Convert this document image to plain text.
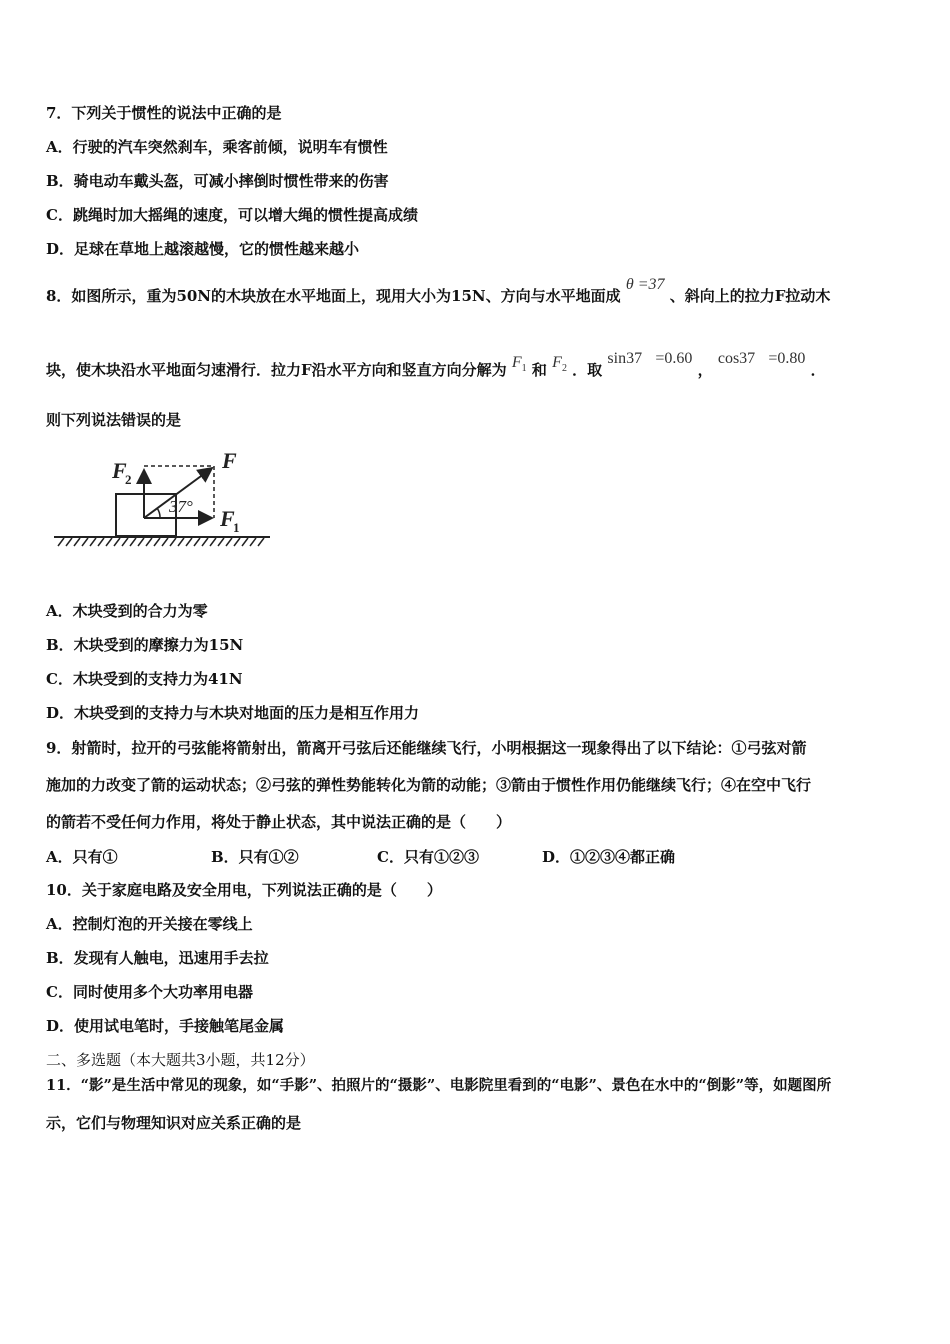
7．下列关于惯性的说法中正确的是
A．行驶的汽车突然刹车，乘客前倾，说明车有惯性
B．骑电动车戴头盔，可减小摔倒时惯性带来的伤害
C．跳绳时加大摇绳的速度，可以增大绳的惯性提高成绩
D．足球在草地上越滚越慢，它的惯性越来越小
8．如图所示，重为50N的木块放在水平地面上，现用大小为15N、方向与水平地面成 θ =37 、斜向上的拉力F拉动木
块，使木块沿水平地面匀速滑行．拉力F沿水平方向和竖直方向分解为 $F_1$ 和 $F_2$ ．取 sin37 =0.60 ， cos37 =0.80 ．
则下列说法错误的是
F
F
2
F
1
37°
A．木块受到的合力为零
B．木块受到的摩擦力为15N
C．木块受到的支持力为41N
D．木块受到的支持力与木块对地面的压力是相互作用力
9．射箭时，拉开的弓弦能将箭射出，箭离开弓弦后还能继续飞行，小明根据这一现象得出了以下结论：①弓弦对箭
施加的力改变了箭的运动状态；②弓弦的弹性势能转化为箭的动能；③箭由于惯性作用仍能继续飞行；④在空中飞行
的箭若不受任何力作用，将处于静止状态，其中说法正确的是（　　）
A．只有①	B．只有①②	C．只有①②③	D．①②③④都正确
10．关于家庭电路及安全用电，下列说法正确的是（　　）
A．控制灯泡的开关接在零线上
B．发现有人触电，迅速用手去拉
C．同时使用多个大功率用电器
D．使用试电笔时，手接触笔尾金属
二、多选题（本大题共3小题，共12分）
11．“影”是生活中常见的现象，如“手影”、拍照片的“摄影”、电影院里看到的“电影”、景色在水中的“倒影”等，如题图所
示，它们与物理知识对应关系正确的是
